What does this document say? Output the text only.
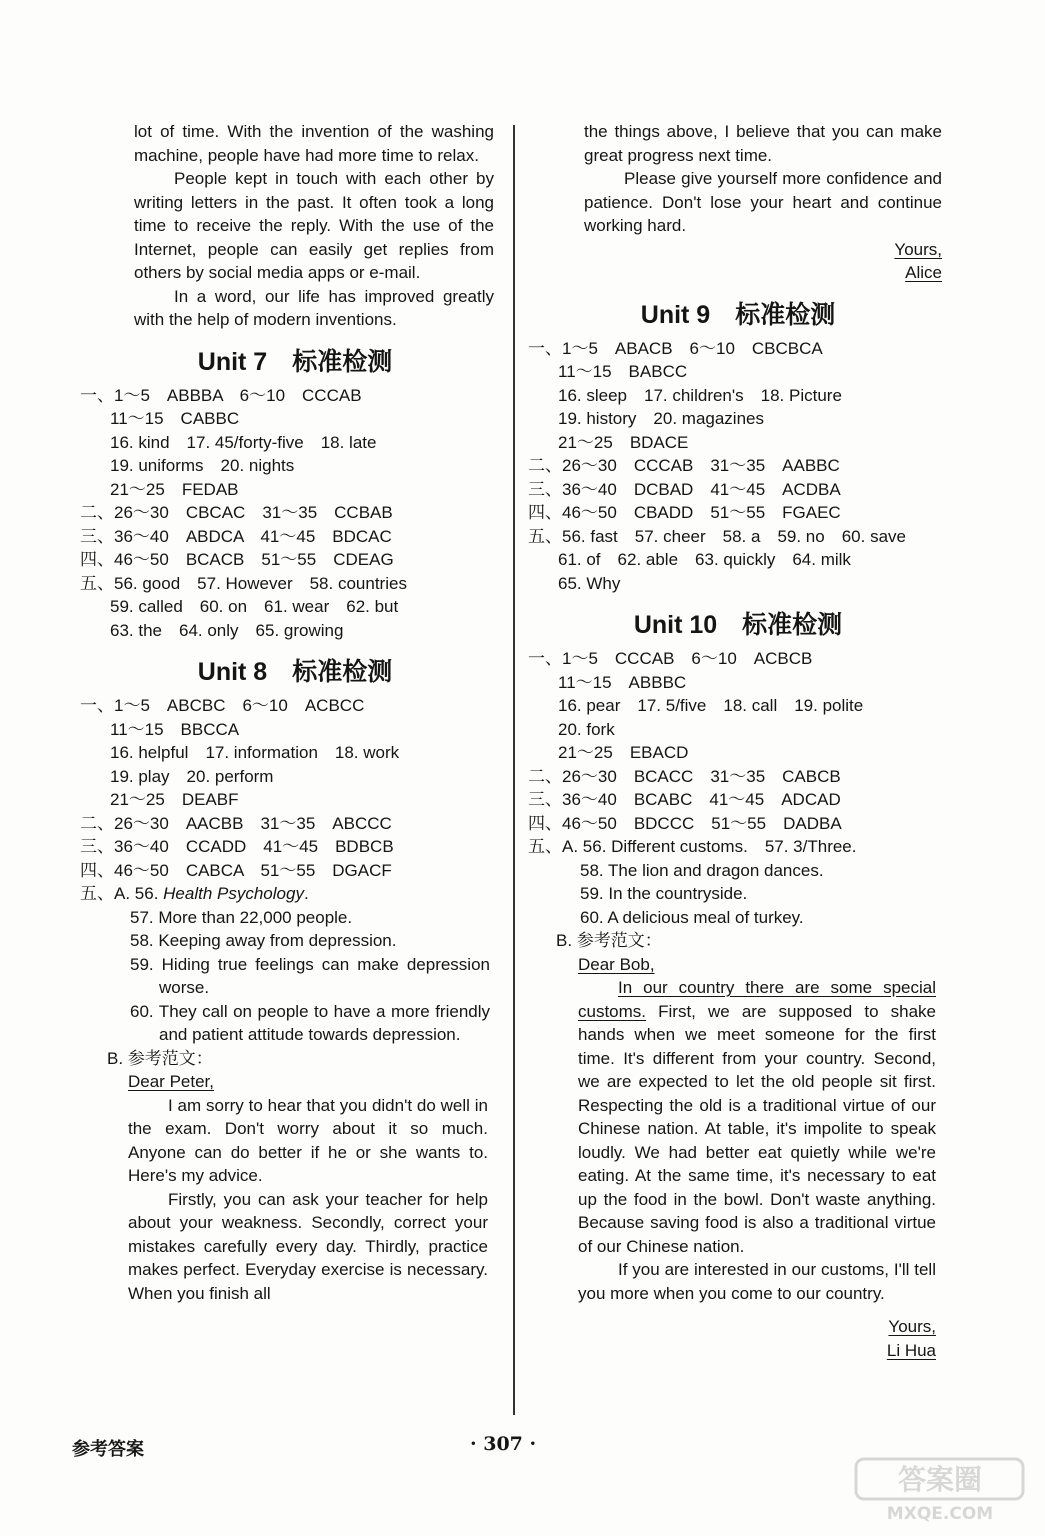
lot of time. With the invention of the washing machine, people have had more time to relax.
People kept in touch with each other by writing letters in the past. It often took a long time to receive the reply. With the use of the Internet, people can easily get replies from others by social media apps or e-mail.
In a word, our life has improved greatly with the help of modern inventions.
Unit 7　标准检测
一、1～5　ABBBA　6～10　CCCAB
11～15　CABBC
16. kind　17. 45/forty-five　18. late
19. uniforms　20. nights
21～25　FEDAB
二、26～30　CBCAC　31～35　CCBAB
三、36～40　ABDCA　41～45　BDCAC
四、46～50　BCACB　51～55　CDEAG
五、56. good　57. However　58. countries
59. called　60. on　61. wear　62. but
63. the　64. only　65. growing
Unit 8　标准检测
一、1～5　ABCBC　6～10　ACBCC
11～15　BBCCA
16. helpful　17. information　18. work
19. play　20. perform
21～25　DEABF
二、26～30　AACBB　31～35　ABCCC
三、36～40　CCADD　41～45　BDBCB
四、46～50　CABCA　51～55　DGACF
五、A. 56. Health Psychology.
57. More than 22,000 people.
58. Keeping away from depression.
59. Hiding true feelings can make depression worse.
60. They call on people to have a more friendly and patient attitude towards depression.
B. 参考范文：
Dear Peter,
I am sorry to hear that you didn't do well in the exam. Don't worry about it so much. Anyone can do better if he or she wants to. Here's my advice.
Firstly, you can ask your teacher for help about your weakness. Secondly, correct your mistakes carefully every day. Thirdly, practice makes perfect. Everyday exercise is necessary. When you finish all
the things above, I believe that you can make great progress next time.
Please give yourself more confidence and patience. Don't lose your heart and continue working hard.
Yours,
Alice
Unit 9　标准检测
一、1～5　ABACB　6～10　CBCBCA
11～15　BABCC
16. sleep　17. children's　18. Picture
19. history　20. magazines
21～25　BDACE
二、26～30　CCCAB　31～35　AABBC
三、36～40　DCBAD　41～45　ACDBA
四、46～50　CBADD　51～55　FGAEC
五、56. fast　57. cheer　58. a　59. no　60. save
61. of　62. able　63. quickly　64. milk
65. Why
Unit 10　标准检测
一、1～5　CCCAB　6～10　ACBCB
11～15　ABBBC
16. pear　17. 5/five　18. call　19. polite
20. fork
21～25　EBACD
二、26～30　BCACC　31～35　CABCB
三、36～40　BCABC　41～45　ADCAD
四、46～50　BDCCC　51～55　DADBA
五、A. 56. Different customs.　57. 3/Three.
58. The lion and dragon dances.
59. In the countryside.
60. A delicious meal of turkey.
B. 参考范文：
Dear Bob,
In our country there are some special customs. First, we are supposed to shake hands when we meet someone for the first time. It's different from your country. Second, we are expected to let the old people sit first. Respecting the old is a traditional virtue of our Chinese nation. At table, it's impolite to speak loudly. We had better eat quietly while we're eating. At the same time, it's necessary to eat up the food in the bowl. Don't waste anything. Because saving food is also a traditional virtue of our Chinese nation.
If you are interested in our customs, I'll tell you more when you come to our country.
Yours,
Li Hua
参考答案	· 307 ·
答案圈
MXQE.COM
